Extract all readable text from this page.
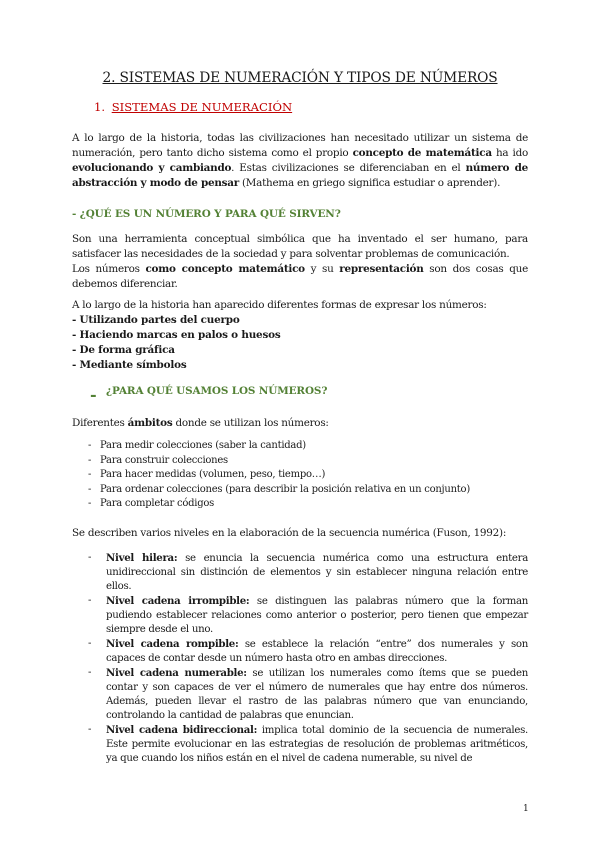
2. SISTEMAS DE NUMERACIÓN Y TIPOS DE NÚMEROS
1. SISTEMAS DE NUMERACIÓN

A lo largo de la historia, todas las civilizaciones han necesitado utilizar un sistema de numeración, pero tanto dicho sistema como el propio concepto de matemática ha ido evolucionando y cambiando. Estas civilizaciones se diferenciaban en el número de abstracción y modo de pensar (Mathema en griego significa estudiar o aprender).

- ¿QUÉ ES UN NÚMERO Y PARA QUÉ SIRVEN?

Son una herramienta conceptual simbólica que ha inventado el ser humano, para satisfacer las necesidades de la sociedad y para solventar problemas de comunicación.

Los números como concepto matemático y su representación son dos cosas que debemos diferenciar.

A lo largo de la historia han aparecido diferentes formas de expresar los números:

- Utilizando partes del cuerpo
- Haciendo marcas en palos o huesos
- De forma gráfica
- Mediante símbolos
- ¿PARA QUÉ USAMOS LOS NÚMEROS?

Diferentes ámbitos donde se utilizan los números:

- Para medir colecciones (saber la cantidad)
- Para construir colecciones
- Para hacer medidas (volumen, peso, tiempo…)
- Para ordenar colecciones (para describir la posición relativa en un conjunto)
- Para completar códigos

Se describen varios niveles en la elaboración de la secuencia numérica (Fuson, 1992):

-	Nivel hilera: se enuncia la secuencia numérica como una estructura entera unidireccional sin distinción de elementos y sin establecer ninguna relación entre ellos.
-	Nivel cadena irrompible: se distinguen las palabras número que la forman pudiendo establecer relaciones como anterior o posterior, pero tienen que empezar siempre desde el uno.
-	Nivel cadena rompible: se establece la relación “entre” dos numerales y son capaces de contar desde un número hasta otro en ambas direcciones.
-	Nivel cadena numerable: se utilizan los numerales como ítems que se pueden contar y son capaces de ver el número de numerales que hay entre dos números. Además, pueden llevar el rastro de las palabras número que van enunciando, controlando la cantidad de palabras que enuncian.
-	Nivel cadena bidireccional: implica total dominio de la secuencia de numerales. Este permite evolucionar en las estrategias de resolución de problemas aritméticos, ya que cuando los niños están en el nivel de cadena numerable, su nivel de
1
